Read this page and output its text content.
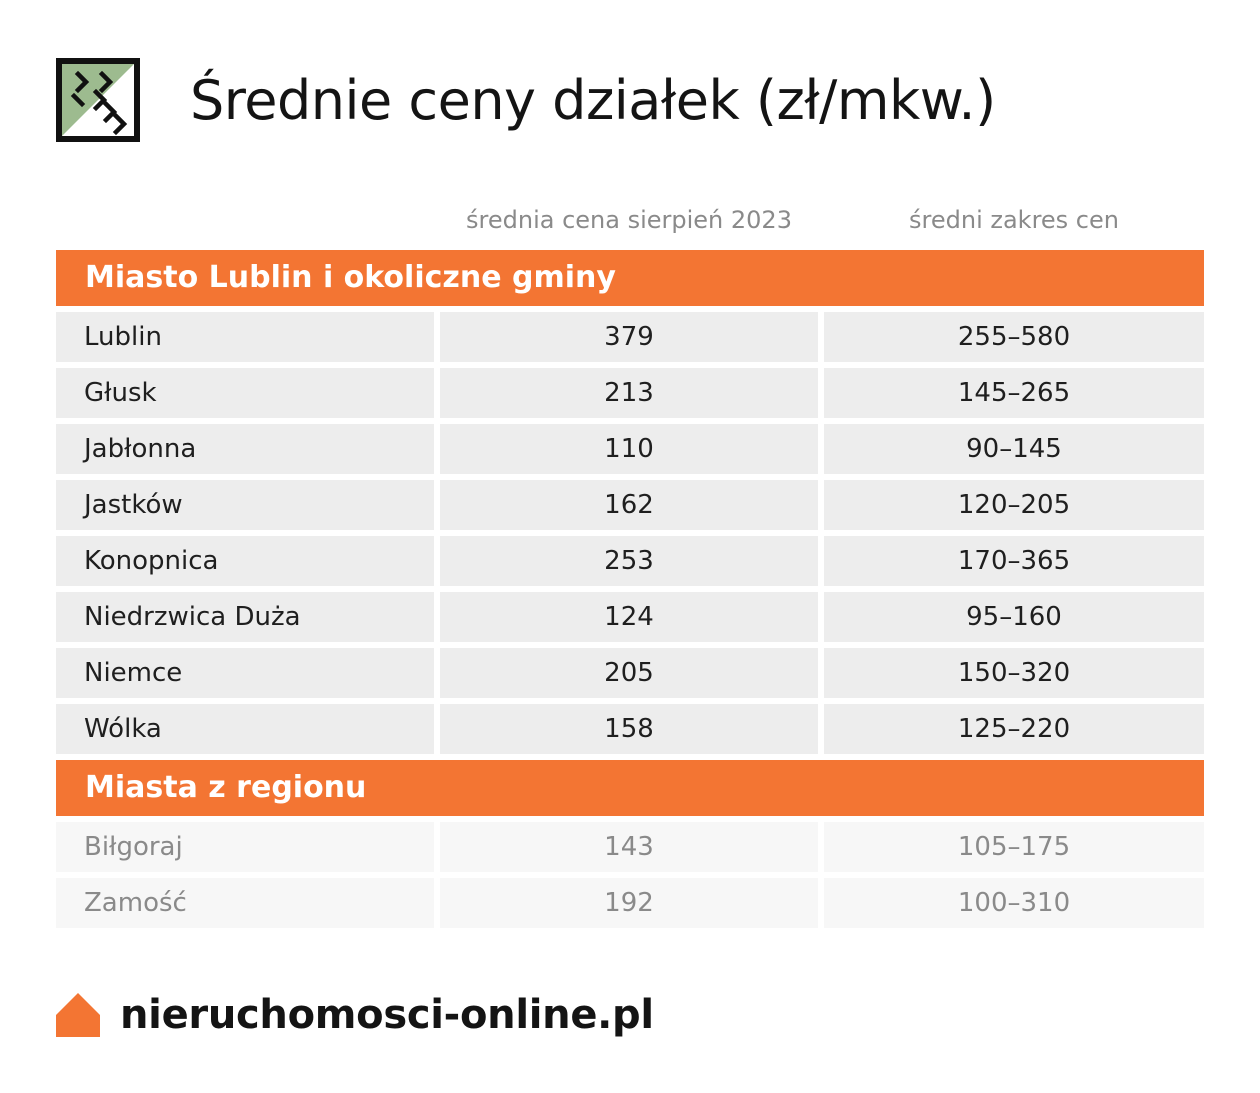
Średnie ceny działek (zł/mkw.)
średnia cena sierpień 2023	średni zakres cen
Miasto Lublin i okoliczne gminy
Lublin	379	255–580
Głusk	213	145–265
Jabłonna	110	90–145
Jastków	162	120–205
Konopnica	253	170–365
Niedrzwica Duża	124	95–160
Niemce	205	150–320
Wólka	158	125–220
Miasta z regionu
Biłgoraj	143	105–175
Zamość	192	100–310
nieruchomosci-online.pl
